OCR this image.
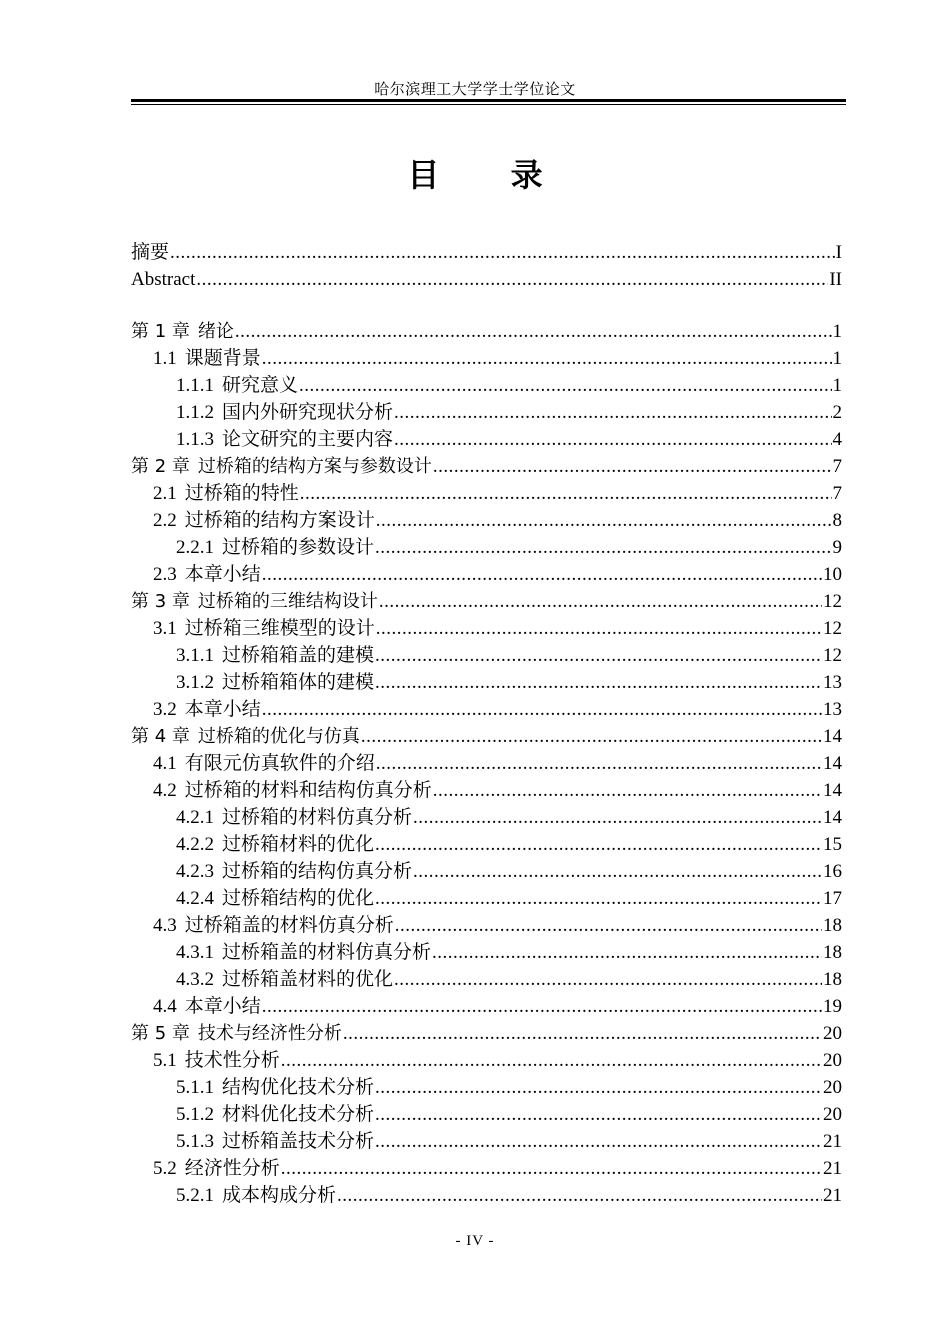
哈尔滨理工大学学士学位论文
目 录
摘要 .....	I
Abstract .....	II
第 1 章 绪论 .....	1
1.1 课题背景 .....	1
1.1.1 研究意义 .....	1
1.1.2 国内外研究现状分析 .....	2
1.1.3 论文研究的主要内容 .....	4
第 2 章 过桥箱的结构方案与参数设计 .....	7
2.1 过桥箱的特性 .....	7
2.2 过桥箱的结构方案设计 .....	8
2.2.1 过桥箱的参数设计 .....	9
2.3 本章小结 .....	10
第 3 章 过桥箱的三维结构设计 .....	12
3.1 过桥箱三维模型的设计 .....	12
3.1.1 过桥箱箱盖的建模 .....	12
3.1.2 过桥箱箱体的建模 .....	13
3.2 本章小结 .....	13
第 4 章 过桥箱的优化与仿真 .....	14
4.1 有限元仿真软件的介绍 .....	14
4.2 过桥箱的材料和结构仿真分析 .....	14
4.2.1 过桥箱的材料仿真分析 .....	14
4.2.2 过桥箱材料的优化 .....	15
4.2.3 过桥箱的结构仿真分析 .....	16
4.2.4 过桥箱结构的优化 .....	17
4.3 过桥箱盖的材料仿真分析 .....	18
4.3.1 过桥箱盖的材料仿真分析 .....	18
4.3.2 过桥箱盖材料的优化 .....	18
4.4 本章小结 .....	19
第 5 章 技术与经济性分析 .....	20
5.1 技术性分析 .....	20
5.1.1 结构优化技术分析 .....	20
5.1.2 材料优化技术分析 .....	20
5.1.3 过桥箱盖技术分析 .....	21
5.2 经济性分析 .....	21
5.2.1 成本构成分析 .....	21
- IV -
